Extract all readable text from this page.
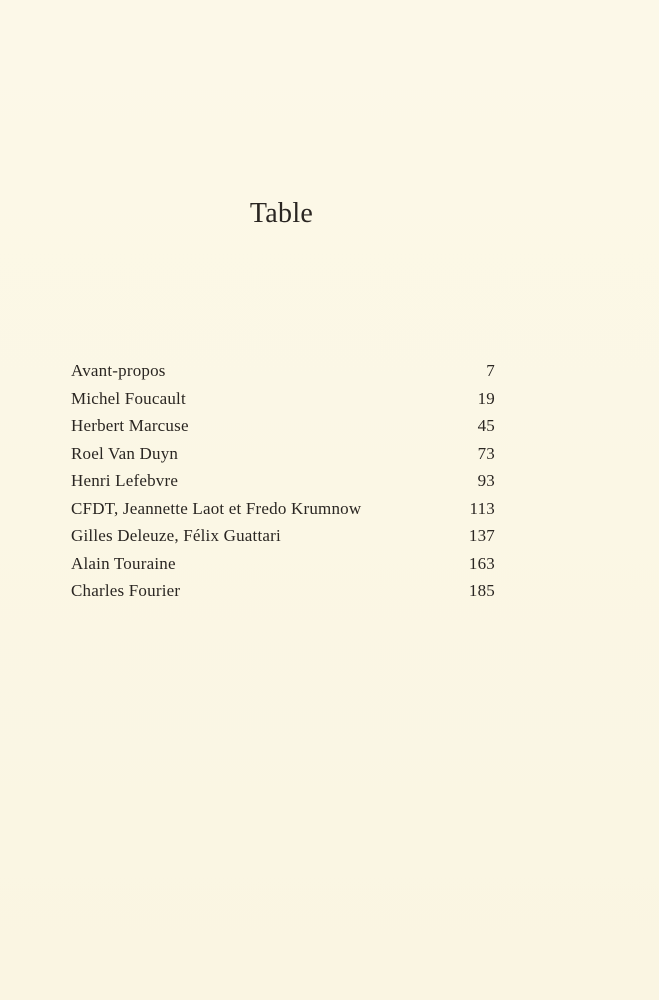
Table
Avant-propos	7
Michel Foucault	19
Herbert Marcuse	45
Roel Van Duyn	73
Henri Lefebvre	93
CFDT, Jeannette Laot et Fredo Krumnow	113
Gilles Deleuze, Félix Guattari	137
Alain Touraine	163
Charles Fourier	185
